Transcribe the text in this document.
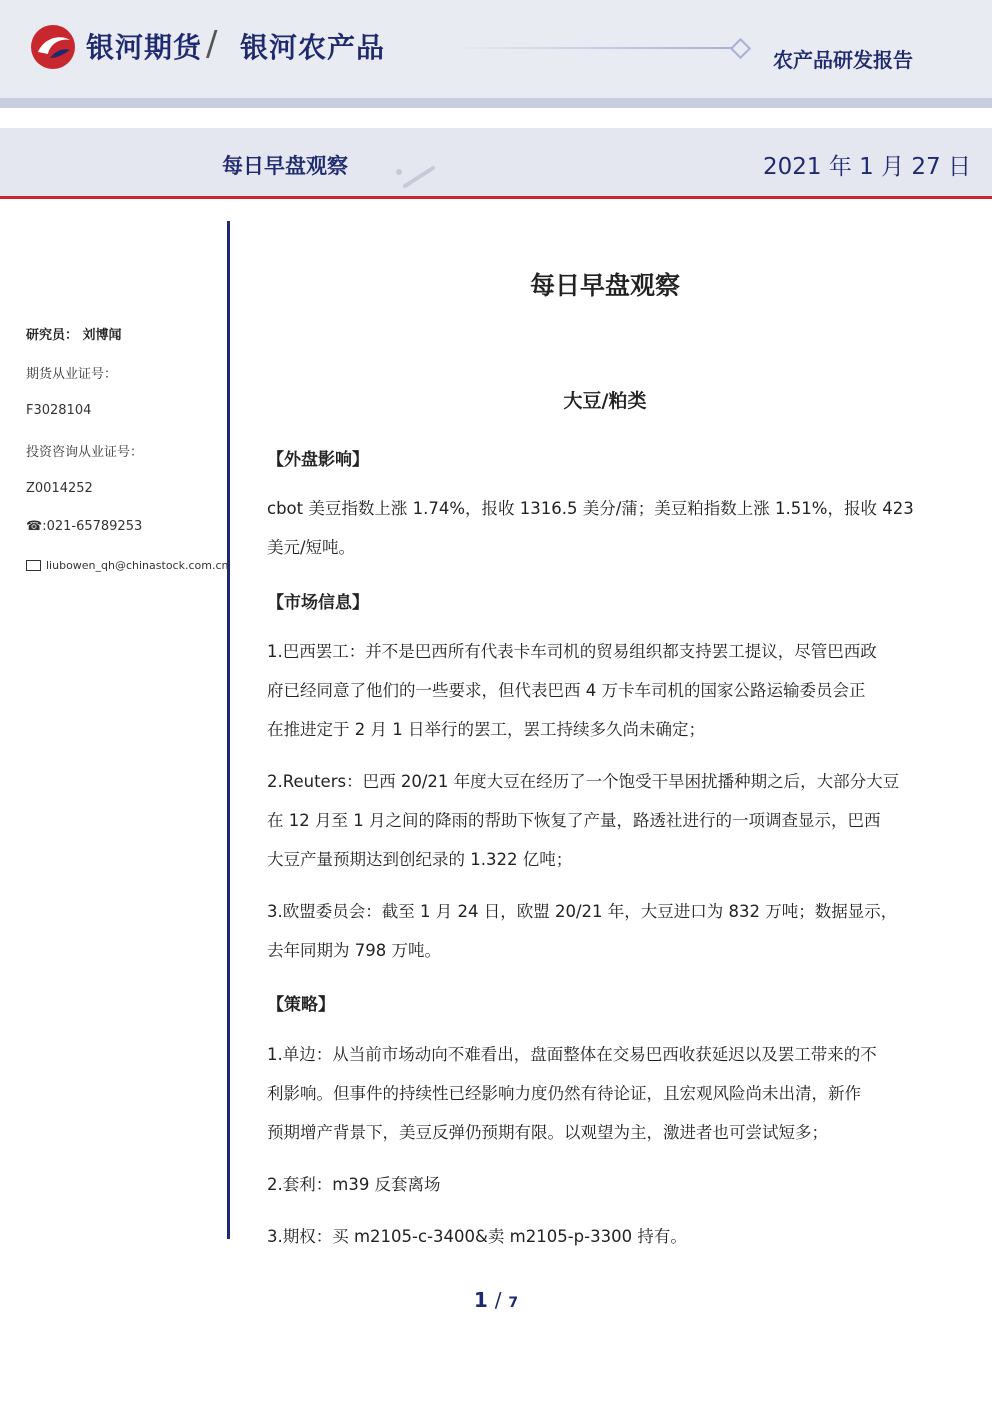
银河期货 / 银河农产品	农产品研发报告
每日早盘观察	2021 年 1 月 27 日
研究员： 刘博闻
期货从业证号：
F3028104
投资咨询从业证号：
Z0014252
☎:021-65789253
liubowen_qh@chinastock.com.cn
每日早盘观察
大豆/粕类
【外盘影响】
cbot 美豆指数上涨 1.74%，报收 1316.5 美分/蒲；美豆粕指数上涨 1.51%，报收 423
美元/短吨。
【市场信息】
1.巴西罢工：并不是巴西所有代表卡车司机的贸易组织都支持罢工提议，尽管巴西政
府已经同意了他们的一些要求，但代表巴西 4 万卡车司机的国家公路运输委员会正
在推进定于 2 月 1 日举行的罢工，罢工持续多久尚未确定；
2.Reuters：巴西 20/21 年度大豆在经历了一个饱受干旱困扰播种期之后，大部分大豆
在 12 月至 1 月之间的降雨的帮助下恢复了产量，路透社进行的一项调查显示，巴西
大豆产量预期达到创纪录的 1.322 亿吨；
3.欧盟委员会：截至 1 月 24 日，欧盟 20/21 年，大豆进口为 832 万吨；数据显示，
去年同期为 798 万吨。
【策略】
1.单边：从当前市场动向不难看出，盘面整体在交易巴西收获延迟以及罢工带来的不
利影响。但事件的持续性已经影响力度仍然有待论证，且宏观风险尚未出清，新作
预期增产背景下，美豆反弹仍预期有限。以观望为主，激进者也可尝试短多；
2.套利：m39 反套离场
3.期权：买 m2105-c-3400&卖 m2105-p-3300 持有。
1 / 7
